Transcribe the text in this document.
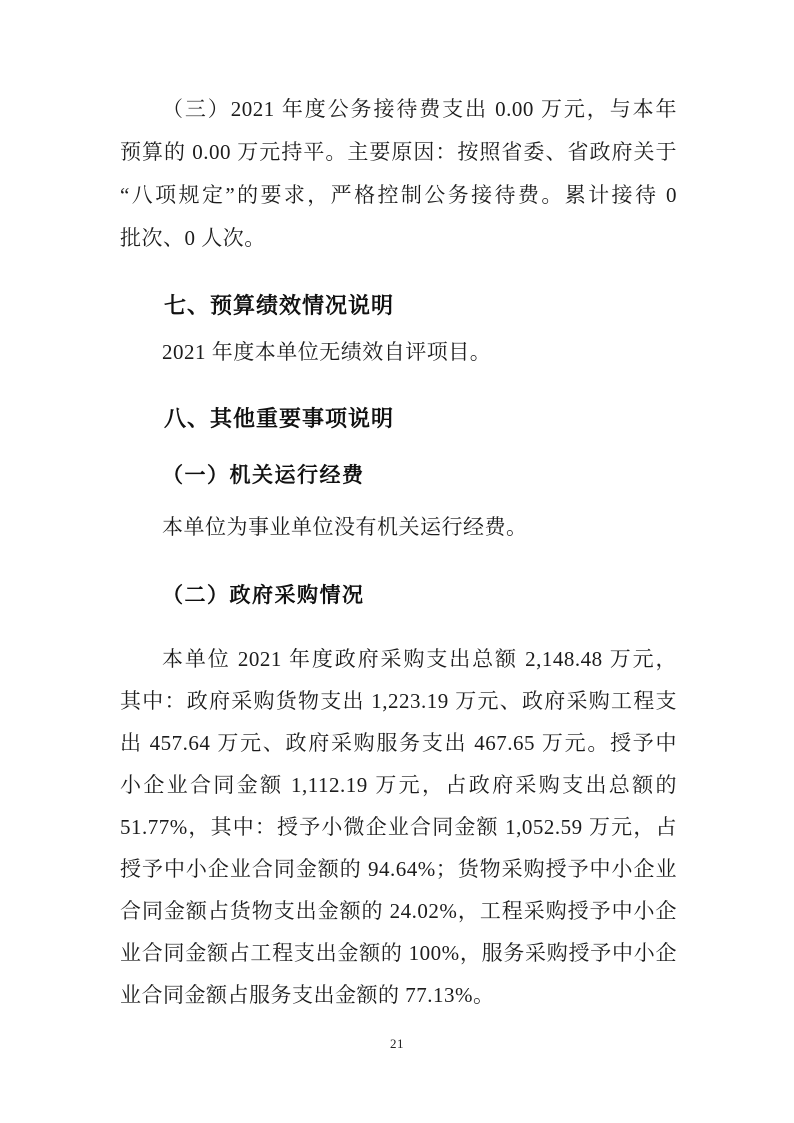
（三）2021 年度公务接待费支出 0.00 万元，与本年
预算的 0.00 万元持平。主要原因：按照省委、省政府关于
“八项规定”的要求，严格控制公务接待费。累计接待 0
批次、0 人次。
七、预算绩效情况说明
2021 年度本单位无绩效自评项目。
八、其他重要事项说明
（一）机关运行经费
本单位为事业单位没有机关运行经费。
（二）政府采购情况
本单位 2021 年度政府采购支出总额 2,148.48 万元，
其中：政府采购货物支出 1,223.19 万元、政府采购工程支
出 457.64 万元、政府采购服务支出 467.65 万元。授予中
小企业合同金额 1,112.19 万元，占政府采购支出总额的
51.77%，其中：授予小微企业合同金额 1,052.59 万元，占
授予中小企业合同金额的 94.64%；货物采购授予中小企业
合同金额占货物支出金额的 24.02%，工程采购授予中小企
业合同金额占工程支出金额的 100%，服务采购授予中小企
业合同金额占服务支出金额的 77.13%。
21
